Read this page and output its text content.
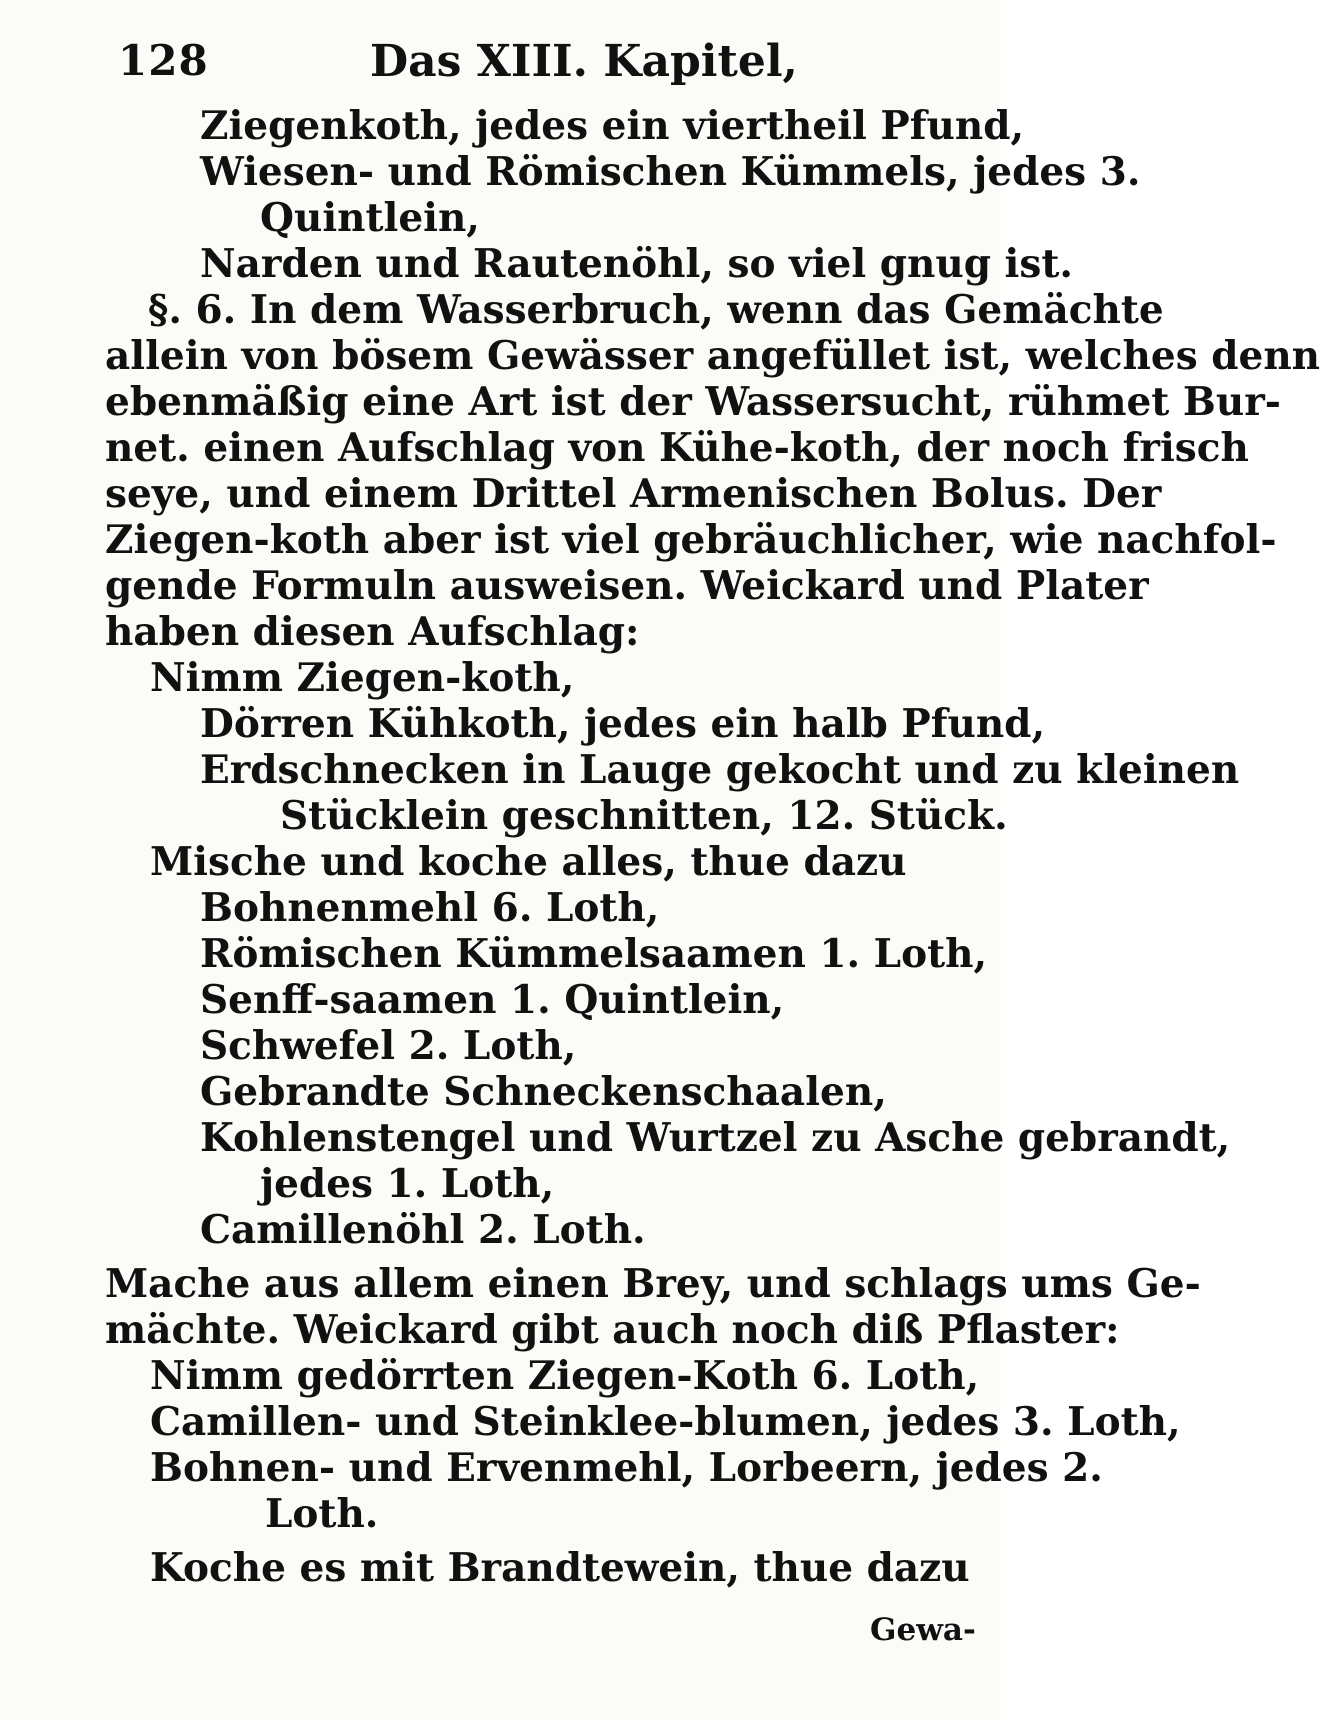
128	Das XIII. Kapitel,
Ziegenkoth, jedes ein viertheil Pfund,
Wiesen- und Römischen Kümmels, jedes 3.
Quintlein,
Narden und Rautenöhl, so viel gnug ist.
§. 6. In dem Wasserbruch, wenn das Gemächte
allein von bösem Gewässer angefüllet ist, welches denn
ebenmäßig eine Art ist der Wassersucht, rühmet Bur-
net. einen Aufschlag von Kühe-koth, der noch frisch
seye, und einem Drittel Armenischen Bolus. Der
Ziegen-koth aber ist viel gebräuchlicher, wie nachfol-
gende Formuln ausweisen. Weickard und Plater
haben diesen Aufschlag:
Nimm Ziegen-koth,
Dörren Kühkoth, jedes ein halb Pfund,
Erdschnecken in Lauge gekocht und zu kleinen
Stücklein geschnitten, 12. Stück.
Mische und koche alles, thue dazu
Bohnenmehl 6. Loth,
Römischen Kümmelsaamen 1. Loth,
Senff-saamen 1. Quintlein,
Schwefel 2. Loth,
Gebrandte Schneckenschaalen,
Kohlenstengel und Wurtzel zu Asche gebrandt,
jedes 1. Loth,
Camillenöhl 2. Loth.
Mache aus allem einen Brey, und schlags ums Ge-
mächte. Weickard gibt auch noch diß Pflaster:
Nimm gedörrten Ziegen-Koth 6. Loth,
Camillen- und Steinklee-blumen, jedes 3. Loth,
Bohnen- und Ervenmehl, Lorbeern, jedes 2.
Loth.
Koche es mit Brandtewein, thue dazu
Gewa-
